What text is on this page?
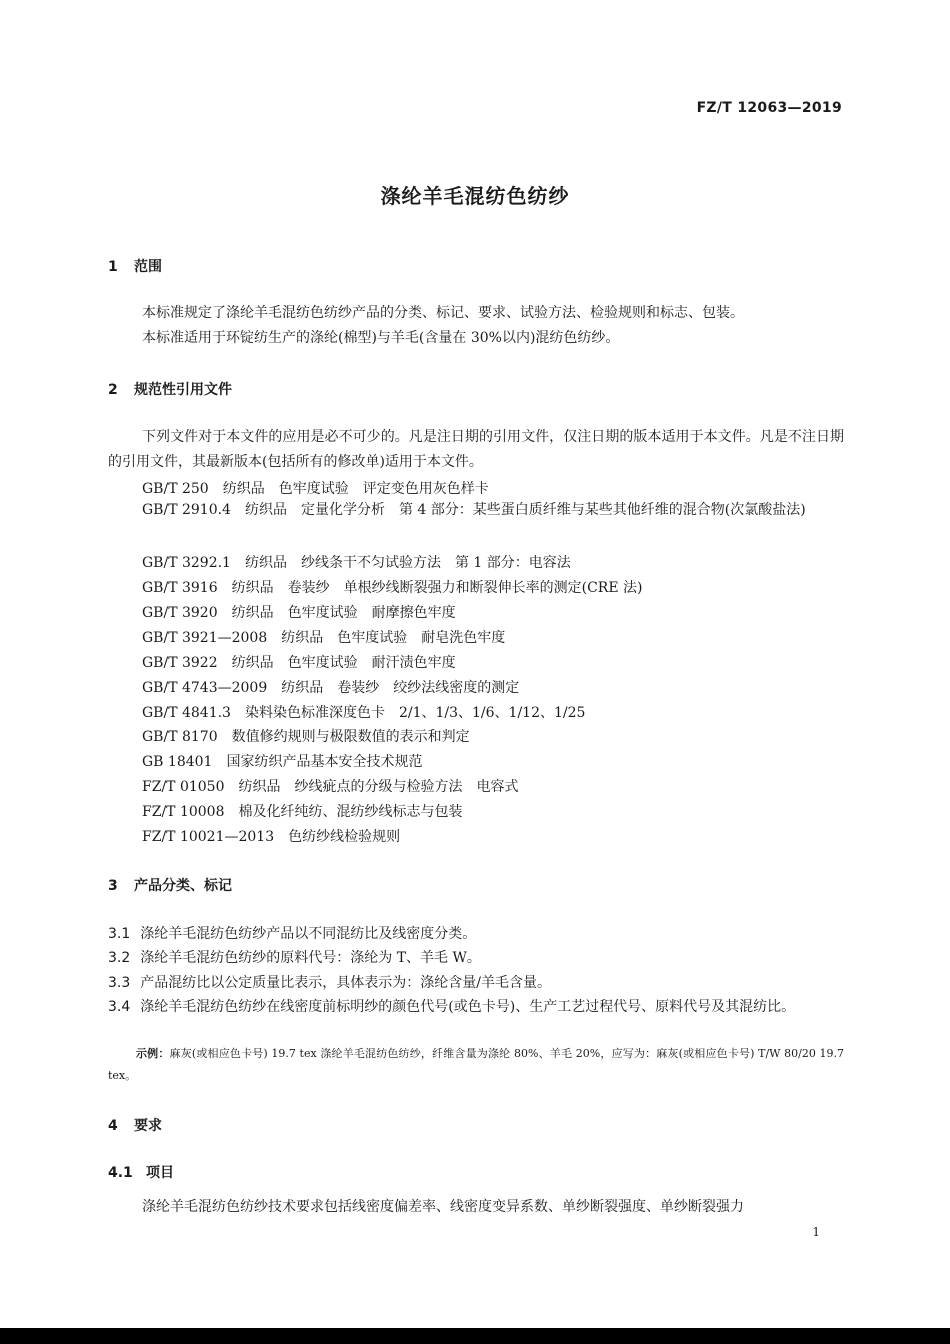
FZ/T 12063—2019
涤纶羊毛混纺色纺纱
1 范围
本标准规定了涤纶羊毛混纺色纺纱产品的分类、标记、要求、试验方法、检验规则和标志、包装。
本标准适用于环锭纺生产的涤纶(棉型)与羊毛(含量在 30%以内)混纺色纺纱。
2 规范性引用文件
下列文件对于本文件的应用是必不可少的。凡是注日期的引用文件，仅注日期的版本适用于本文件。凡是不注日期的引用文件，其最新版本(包括所有的修改单)适用于本文件。
GB/T 250　纺织品　色牢度试验　评定变色用灰色样卡
GB/T 2910.4　纺织品　定量化学分析　第 4 部分：某些蛋白质纤维与某些其他纤维的混合物(次氯酸盐法)
GB/T 3292.1　纺织品　纱线条干不匀试验方法　第 1 部分：电容法
GB/T 3916　纺织品　卷装纱　单根纱线断裂强力和断裂伸长率的测定(CRE 法)
GB/T 3920　纺织品　色牢度试验　耐摩擦色牢度
GB/T 3921—2008　纺织品　色牢度试验　耐皂洗色牢度
GB/T 3922　纺织品　色牢度试验　耐汗渍色牢度
GB/T 4743—2009　纺织品　卷装纱　绞纱法线密度的测定
GB/T 4841.3　染料染色标准深度色卡　2/1、1/3、1/6、1/12、1/25
GB/T 8170　数值修约规则与极限数值的表示和判定
GB 18401　国家纺织产品基本安全技术规范
FZ/T 01050　纺织品　纱线疵点的分级与检验方法　电容式
FZ/T 10008　棉及化纤纯纺、混纺纱线标志与包装
FZ/T 10021—2013　色纺纱线检验规则
3 产品分类、标记
3.1 涤纶羊毛混纺色纺纱产品以不同混纺比及线密度分类。
3.2 涤纶羊毛混纺色纺纱的原料代号：涤纶为 T、羊毛 W。
3.3 产品混纺比以公定质量比表示，具体表示为：涤纶含量/羊毛含量。
3.4 涤纶羊毛混纺色纺纱在线密度前标明纱的颜色代号(或色卡号)、生产工艺过程代号、原料代号及其混纺比。
示例：麻灰(或相应色卡号) 19.7 tex 涤纶羊毛混纺色纺纱，纤维含量为涤纶 80%、羊毛 20%，应写为：麻灰(或相应色卡号) T/W 80/20 19.7 tex。
4 要求
4.1 项目
涤纶羊毛混纺色纺纱技术要求包括线密度偏差率、线密度变异系数、单纱断裂强度、单纱断裂强力
1
